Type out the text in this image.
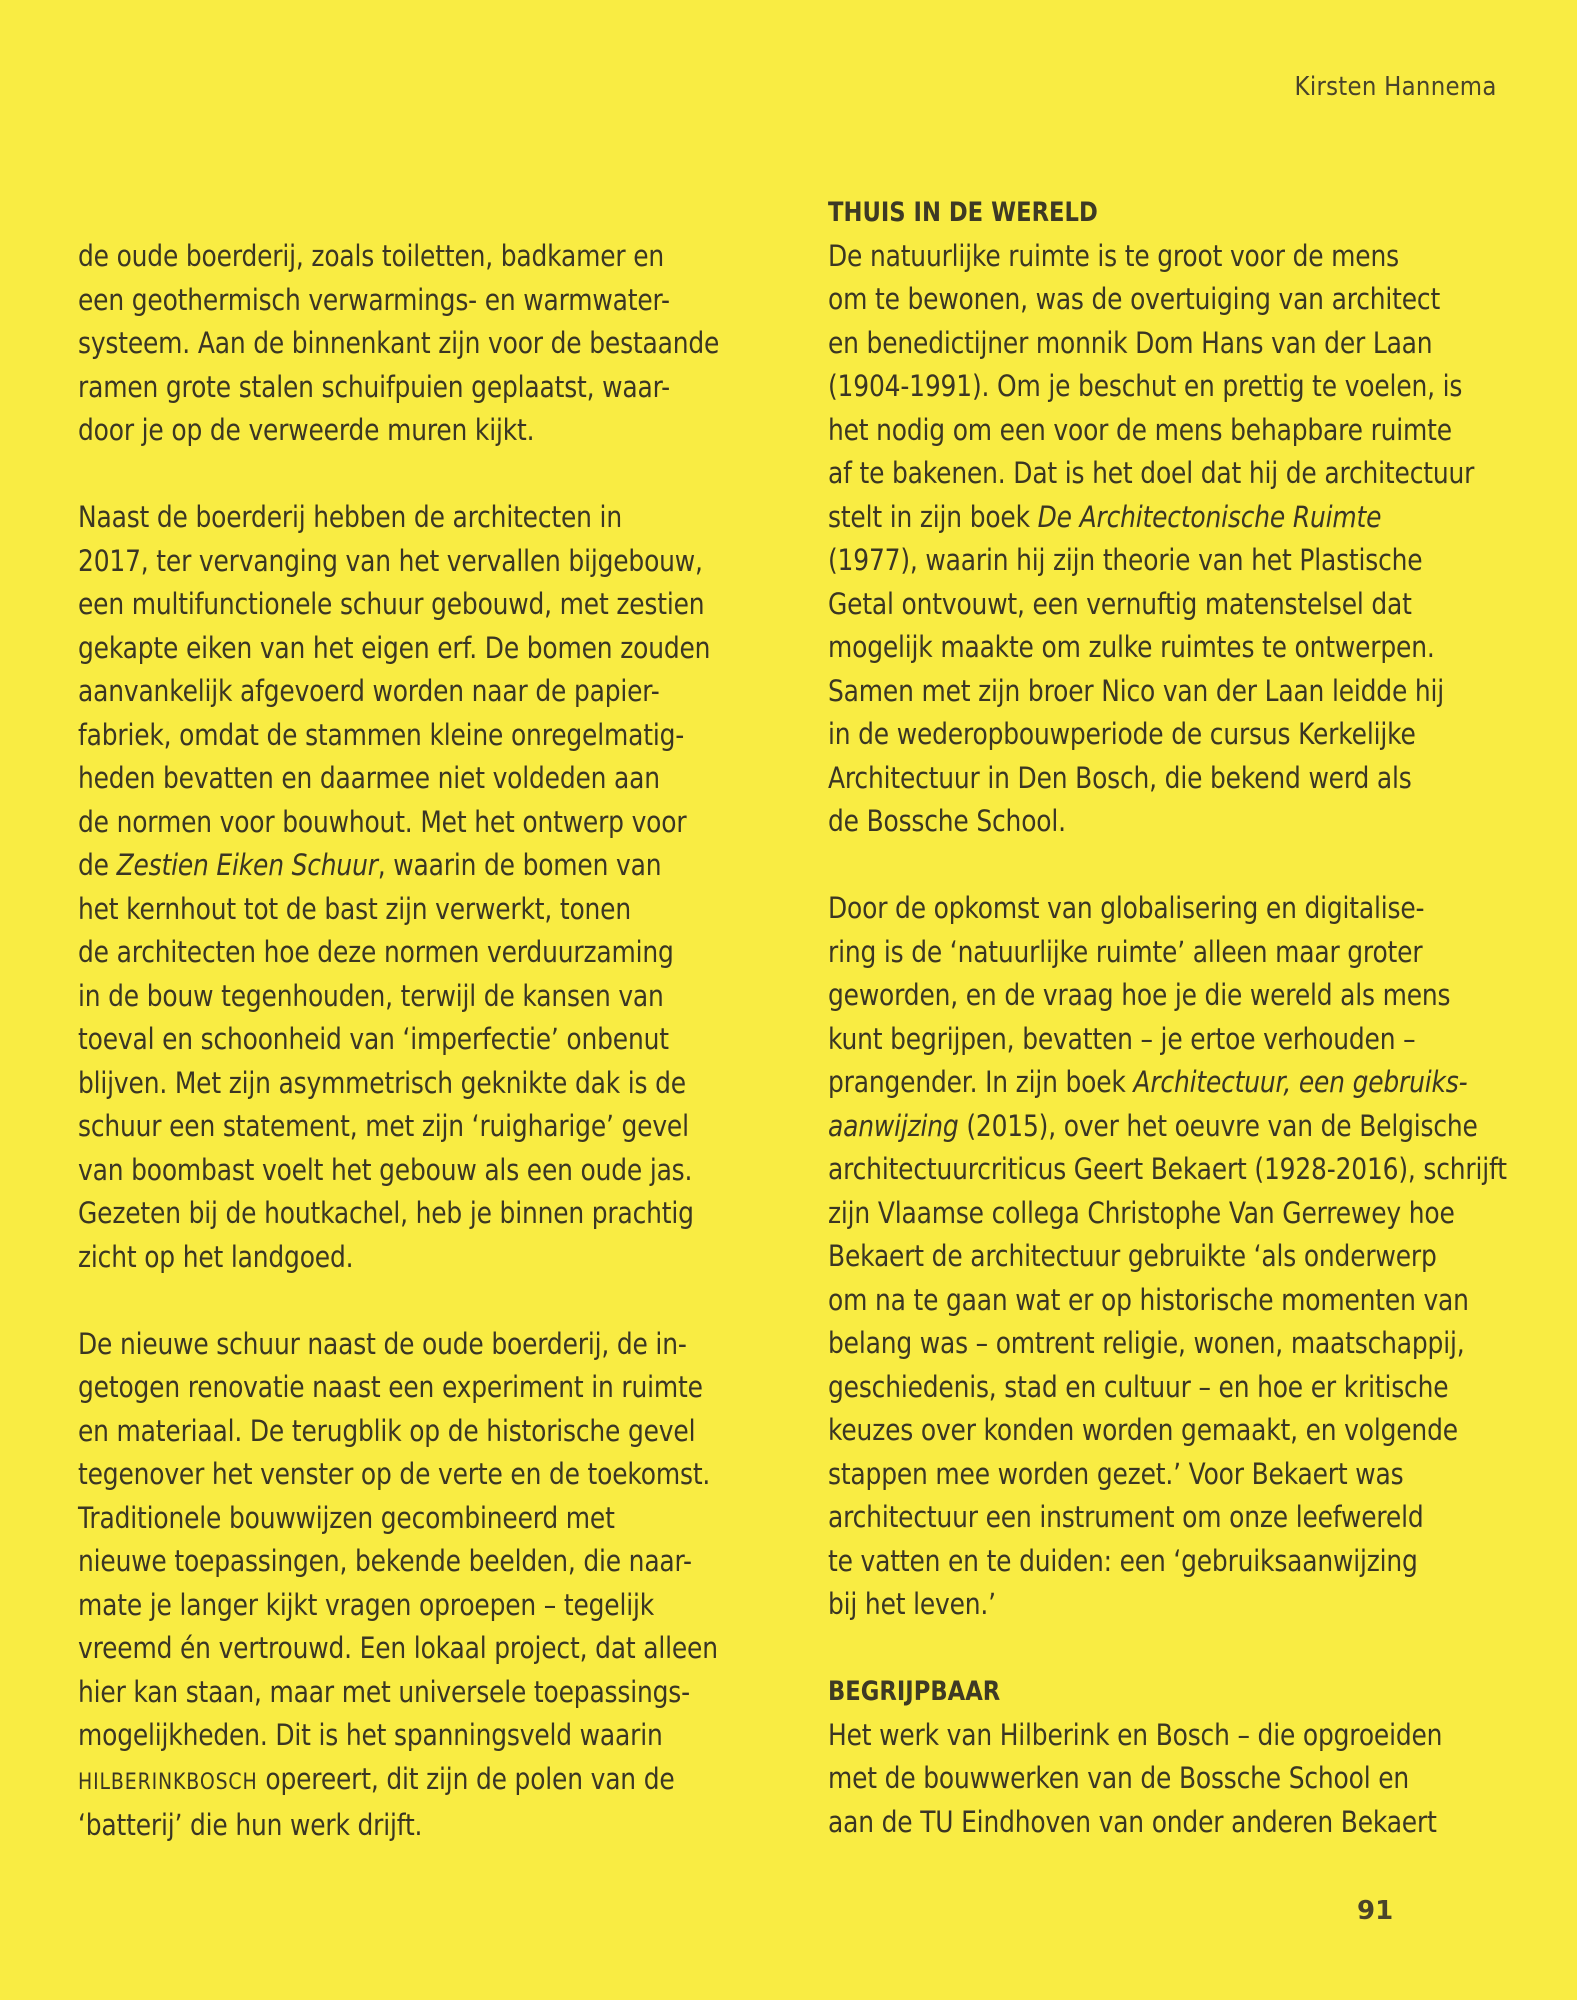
Kirsten Hannema
de oude boerderij, zoals toiletten, badkamer en
een geothermisch verwarmings- en warmwater-
systeem. Aan de binnenkant zijn voor de bestaande
ramen grote stalen schuifpuien geplaatst, waar-
door je op de verweerde muren kijkt.
Naast de boerderij hebben de architecten in
2017, ter vervanging van het vervallen bijgebouw,
een multifunctionele schuur gebouwd, met zestien
gekapte eiken van het eigen erf. De bomen zouden
aanvankelijk afgevoerd worden naar de papier-
fabriek, omdat de stammen kleine onregelmatig-
heden bevatten en daarmee niet voldeden aan
de normen voor bouwhout. Met het ontwerp voor
de Zestien Eiken Schuur, waarin de bomen van
het kernhout tot de bast zijn verwerkt, tonen
de architecten hoe deze normen verduurzaming
in de bouw tegenhouden, terwijl de kansen van
toeval en schoonheid van ‘imperfectie’ onbenut
blijven. Met zijn asymmetrisch geknikte dak is de
schuur een statement, met zijn ‘ruigharige’ gevel
van boombast voelt het gebouw als een oude jas.
Gezeten bij de houtkachel, heb je binnen prachtig
zicht op het landgoed.
De nieuwe schuur naast de oude boerderij, de in-
getogen renovatie naast een experiment in ruimte
en materiaal. De terugblik op de historische gevel
tegenover het venster op de verte en de toekomst.
Traditionele bouwwijzen gecombineerd met
nieuwe toepassingen, bekende beelden, die naar-
mate je langer kijkt vragen oproepen – tegelijk
vreemd én vertrouwd. Een lokaal project, dat alleen
hier kan staan, maar met universele toepassings-
mogelijkheden. Dit is het spanningsveld waarin
HILBERINKBOSCH opereert, dit zijn de polen van de
‘batterij’ die hun werk drijft.
THUIS IN DE WERELD
De natuurlijke ruimte is te groot voor de mens
om te bewonen, was de overtuiging van architect
en benedictijner monnik Dom Hans van der Laan
(1904-1991). Om je beschut en prettig te voelen, is
het nodig om een voor de mens behapbare ruimte
af te bakenen. Dat is het doel dat hij de architectuur
stelt in zijn boek De Architectonische Ruimte
(1977), waarin hij zijn theorie van het Plastische
Getal ontvouwt, een vernuftig matenstelsel dat
mogelijk maakte om zulke ruimtes te ontwerpen.
Samen met zijn broer Nico van der Laan leidde hij
in de wederopbouwperiode de cursus Kerkelijke
Architectuur in Den Bosch, die bekend werd als
de Bossche School.
Door de opkomst van globalisering en digitalise-
ring is de ‘natuurlijke ruimte’ alleen maar groter
geworden, en de vraag hoe je die wereld als mens
kunt begrijpen, bevatten – je ertoe verhouden –
prangender. In zijn boek Architectuur, een gebruiks-
aanwijzing (2015), over het oeuvre van de Belgische
architectuurcriticus Geert Bekaert (1928-2016), schrijft
zijn Vlaamse collega Christophe Van Gerrewey hoe
Bekaert de architectuur gebruikte ‘als onderwerp
om na te gaan wat er op historische momenten van
belang was – omtrent religie, wonen, maatschappij,
geschiedenis, stad en cultuur – en hoe er kritische
keuzes over konden worden gemaakt, en volgende
stappen mee worden gezet.’ Voor Bekaert was
architectuur een instrument om onze leefwereld
te vatten en te duiden: een ‘gebruiksaanwijzing
bij het leven.’
BEGRIJPBAAR
Het werk van Hilberink en Bosch – die opgroeiden
met de bouwwerken van de Bossche School en
aan de TU Eindhoven van onder anderen Bekaert
91
